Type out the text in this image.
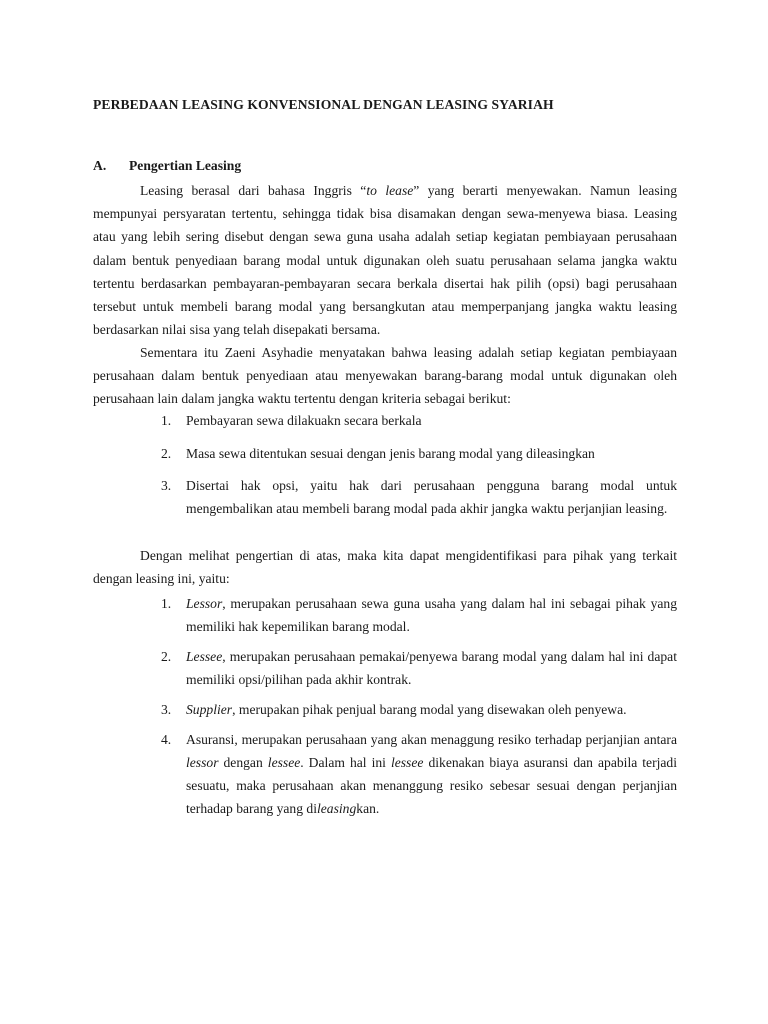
PERBEDAAN LEASING KONVENSIONAL DENGAN LEASING SYARIAH
A. Pengertian Leasing

Leasing berasal dari bahasa Inggris “to lease” yang berarti menyewakan. Namun leasing mempunyai persyaratan tertentu, sehingga tidak bisa disamakan dengan sewa-menyewa biasa. Leasing atau yang lebih sering disebut dengan sewa guna usaha adalah setiap kegiatan pembiayaan perusahaan dalam bentuk penyediaan barang modal untuk digunakan oleh suatu perusahaan selama jangka waktu tertentu berdasarkan pembayaran-pembayaran secara berkala disertai hak pilih (opsi) bagi perusahaan tersebut untuk membeli barang modal yang bersangkutan atau memperpanjang jangka waktu leasing berdasarkan nilai sisa yang telah disepakati bersama.

Sementara itu Zaeni Asyhadie menyatakan bahwa leasing adalah setiap kegiatan pembiayaan perusahaan dalam bentuk penyediaan atau menyewakan barang-barang modal untuk digunakan oleh perusahaan lain dalam jangka waktu tertentu dengan kriteria sebagai berikut:

1. Pembayaran sewa dilakuakn secara berkala
2. Masa sewa ditentukan sesuai dengan jenis barang modal yang dileasingkan
3. Disertai hak opsi, yaitu hak dari perusahaan pengguna barang modal untuk mengembalikan atau membeli barang modal pada akhir jangka waktu perjanjian leasing.

Dengan melihat pengertian di atas, maka kita dapat mengidentifikasi para pihak yang terkait dengan leasing ini, yaitu:

1. Lessor, merupakan perusahaan sewa guna usaha yang dalam hal ini sebagai pihak yang memiliki hak kepemilikan barang modal.
2. Lessee, merupakan perusahaan pemakai/penyewa barang modal yang dalam hal ini dapat memiliki opsi/pilihan pada akhir kontrak.
3. Supplier, merupakan pihak penjual barang modal yang disewakan oleh penyewa.
4. Asuransi, merupakan perusahaan yang akan menaggung resiko terhadap perjanjian antara lessor dengan lessee. Dalam hal ini lessee dikenakan biaya asuransi dan apabila terjadi sesuatu, maka perusahaan akan menanggung resiko sebesar sesuai dengan perjanjian terhadap barang yang dileasingkan.
